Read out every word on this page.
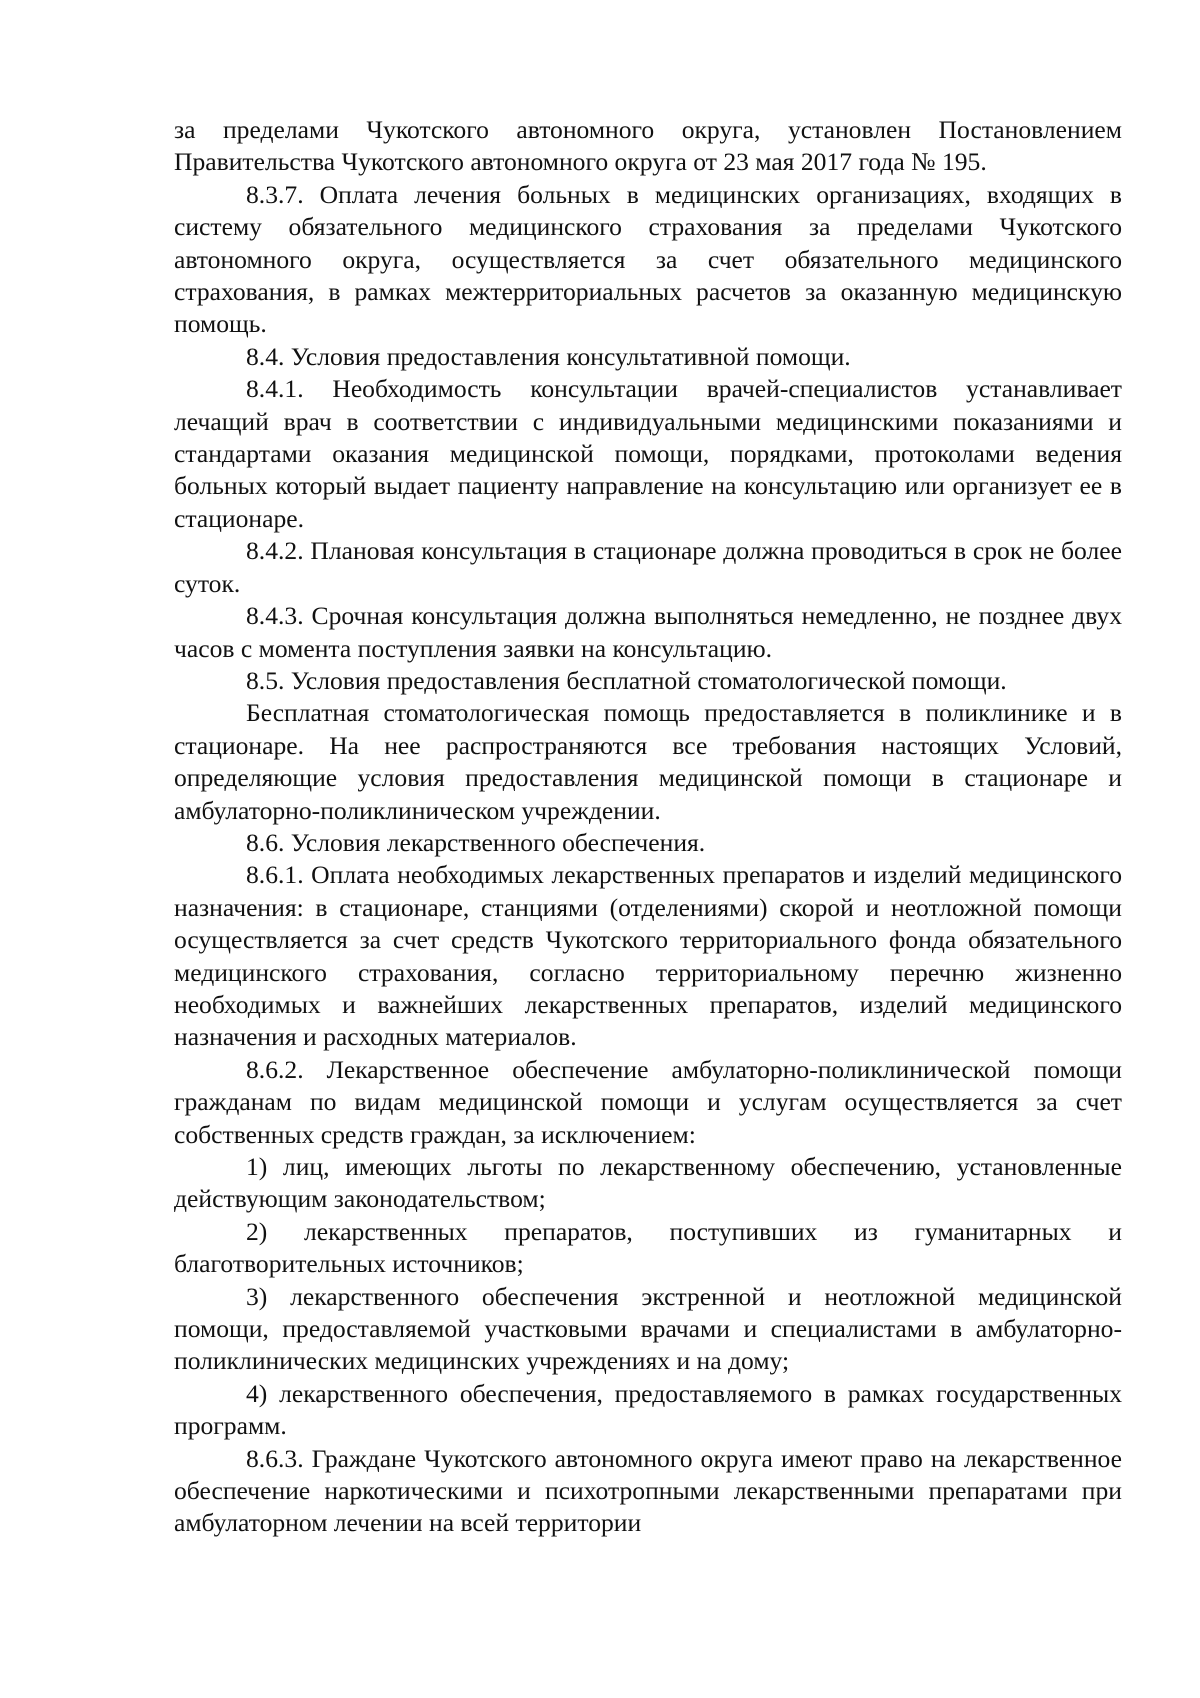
за пределами Чукотского автономного округа, установлен Постановлением Правительства Чукотского автономного округа от 23 мая 2017 года № 195.

8.3.7. Оплата лечения больных в медицинских организациях, входящих в систему обязательного медицинского страхования за пределами Чукотского автономного округа, осуществляется за счет обязательного медицинского страхования, в рамках межтерриториальных расчетов за оказанную медицинскую помощь.

8.4. Условия предоставления консультативной помощи.

8.4.1. Необходимость консультации врачей-специалистов устанавливает лечащий врач в соответствии с индивидуальными медицинскими показаниями и стандартами оказания медицинской помощи, порядками, протоколами ведения больных который выдает пациенту направление на консультацию или организует ее в стационаре.

8.4.2. Плановая консультация в стационаре должна проводиться в срок не более суток.

8.4.3. Срочная консультация должна выполняться немедленно, не позднее двух часов с момента поступления заявки на консультацию.

8.5. Условия предоставления бесплатной стоматологической помощи.

Бесплатная стоматологическая помощь предоставляется в поликлинике и в стационаре. На нее распространяются все требования настоящих Условий, определяющие условия предоставления медицинской помощи в стационаре и амбулаторно-поликлиническом учреждении.

8.6. Условия лекарственного обеспечения.

8.6.1. Оплата необходимых лекарственных препаратов и изделий медицинского назначения: в стационаре, станциями (отделениями) скорой и неотложной помощи осуществляется за счет средств Чукотского территориального фонда обязательного медицинского страхования, согласно территориальному перечню жизненно необходимых и важнейших лекарственных препаратов, изделий медицинского назначения и расходных материалов.

8.6.2. Лекарственное обеспечение амбулаторно-поликлинической помощи гражданам по видам медицинской помощи и услугам осуществляется за счет собственных средств граждан, за исключением:

1) лиц, имеющих льготы по лекарственному обеспечению, установленные действующим законодательством;

2) лекарственных препаратов, поступивших из гуманитарных и благотворительных источников;

3) лекарственного обеспечения экстренной и неотложной медицинской помощи, предоставляемой участковыми врачами и специалистами в амбулаторно-поликлинических медицинских учреждениях и на дому;

4) лекарственного обеспечения, предоставляемого в рамках государственных программ.

8.6.3. Граждане Чукотского автономного округа имеют право на лекарственное обеспечение наркотическими и психотропными лекарственными препаратами при амбулаторном лечении на всей территории
